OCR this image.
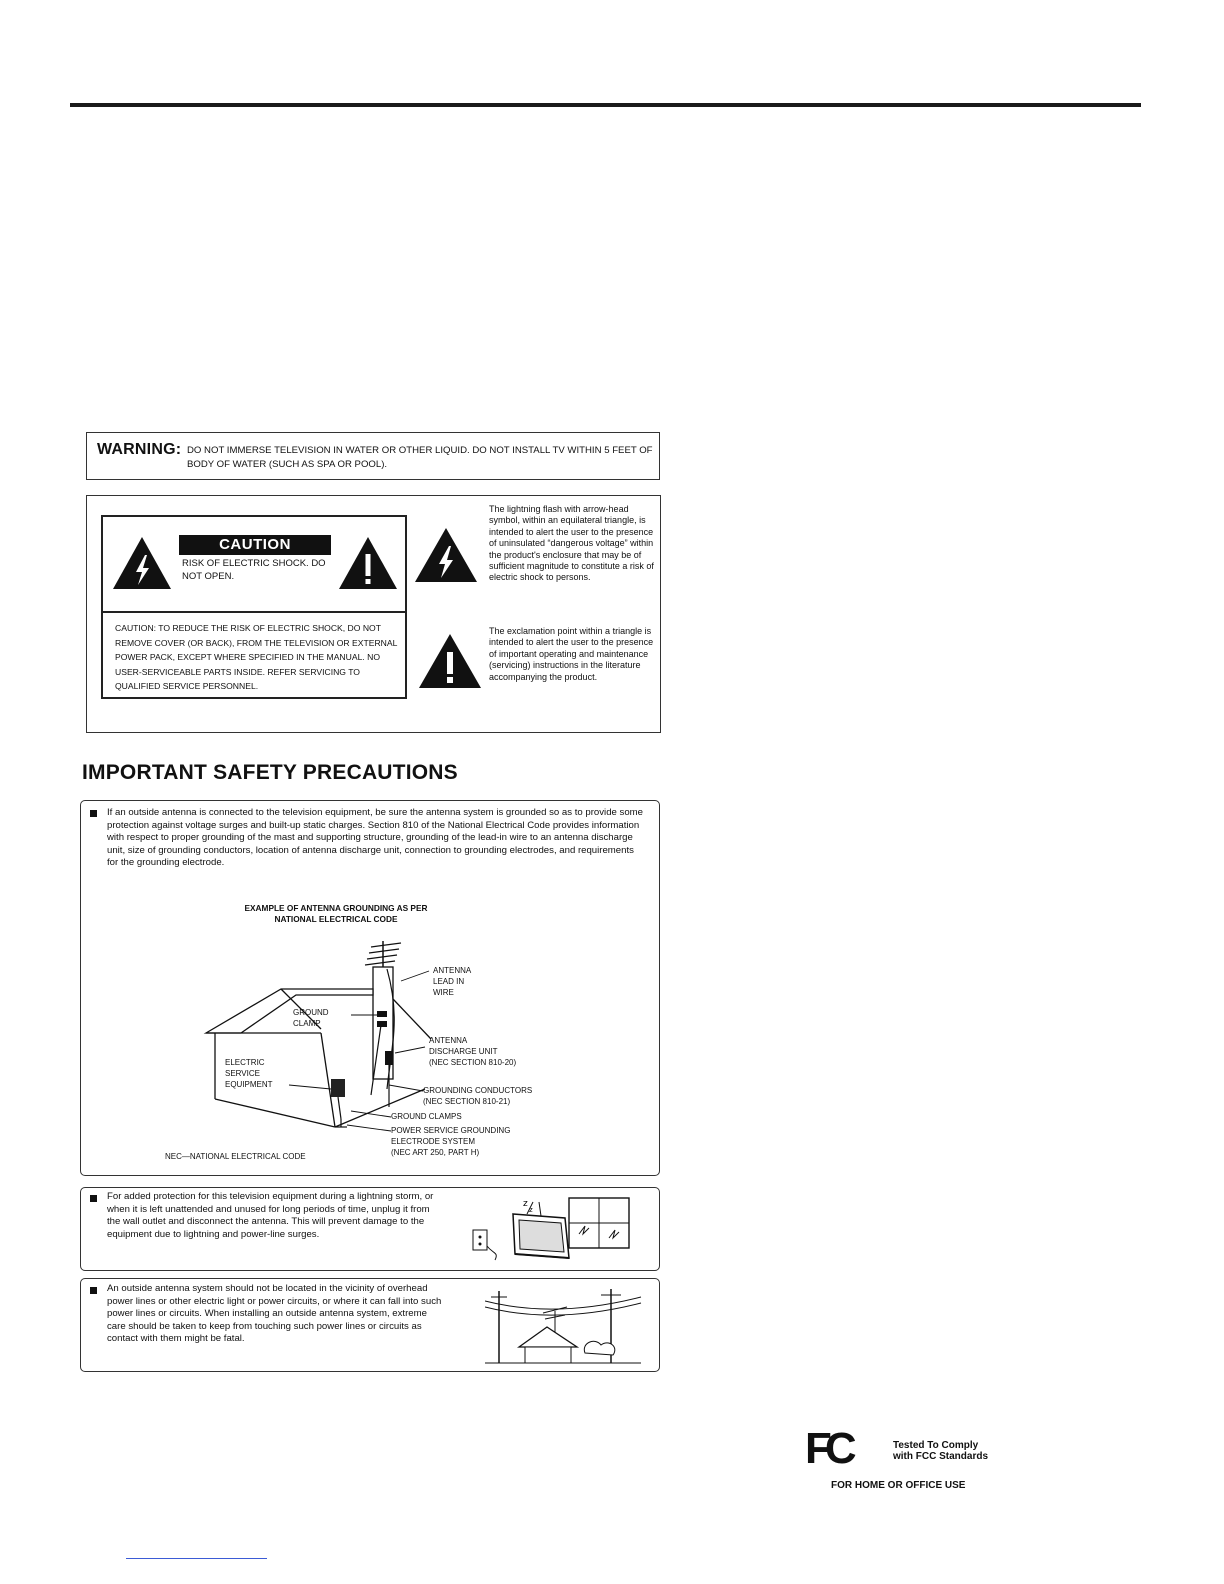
WARNING: DO NOT IMMERSE TELEVISION IN WATER OR OTHER LIQUID. DO NOT INSTALL TV WITHIN 5 FEET OF BODY OF WATER (SUCH AS SPA OR POOL).
CAUTION
RISK OF ELECTRIC SHOCK. DO NOT OPEN.
CAUTION: TO REDUCE THE RISK OF ELECTRIC SHOCK, DO NOT REMOVE COVER (OR BACK), FROM THE TELEVISION OR EXTERNAL POWER PACK, EXCEPT WHERE SPECIFIED IN THE MANUAL. NO USER-SERVICEABLE PARTS INSIDE. REFER SERVICING TO QUALIFIED SERVICE PERSONNEL.
The lightning flash with arrow-head symbol, within an equilateral triangle, is intended to alert the user to the presence of uninsulated “dangerous voltage” within the product's enclosure that may be of sufficient magnitude to constitute a risk of electric shock to persons.
The exclamation point within a triangle is intended to alert the user to the presence of important operating and maintenance (servicing) instructions in the literature accompanying the product.
IMPORTANT SAFETY PRECAUTIONS
If an outside antenna is connected to the television equipment, be sure the antenna system is grounded so as to provide some protection against voltage surges and built-up static charges. Section 810 of the National Electrical Code provides information with respect to proper grounding of the mast and supporting structure, grounding of the lead-in wire to an antenna discharge unit, size of grounding conductors, location of antenna discharge unit, connection to grounding electrodes, and requirements for the grounding electrode.
EXAMPLE OF ANTENNA GROUNDING AS PER
NATIONAL ELECTRICAL CODE
ANTENNA
LEAD IN
WIRE
GROUND
CLAMP
ANTENNA
DISCHARGE UNIT
(NEC SECTION 810-20)
ELECTRIC
SERVICE
EQUIPMENT
GROUNDING CONDUCTORS
(NEC SECTION 810-21)
GROUND CLAMPS
POWER SERVICE GROUNDING
ELECTRODE SYSTEM
(NEC ART 250, PART H)
NEC—NATIONAL ELECTRICAL CODE
For added protection for this television equipment during a lightning storm, or when it is left unattended and unused for long periods of time, unplug it from the wall outlet and disconnect the antenna. This will prevent damage to the equipment due to lightning and power-line surges.
z
z
An outside antenna system should not be located in the vicinity of overhead power lines or other electric light or power circuits, or where it can fall into such power lines or circuits. When installing an outside antenna system, extreme care should be taken to keep from touching such power lines or circuits as contact with them might be fatal.
FC	Tested To Comply
with FCC Standards
FOR HOME OR OFFICE USE
